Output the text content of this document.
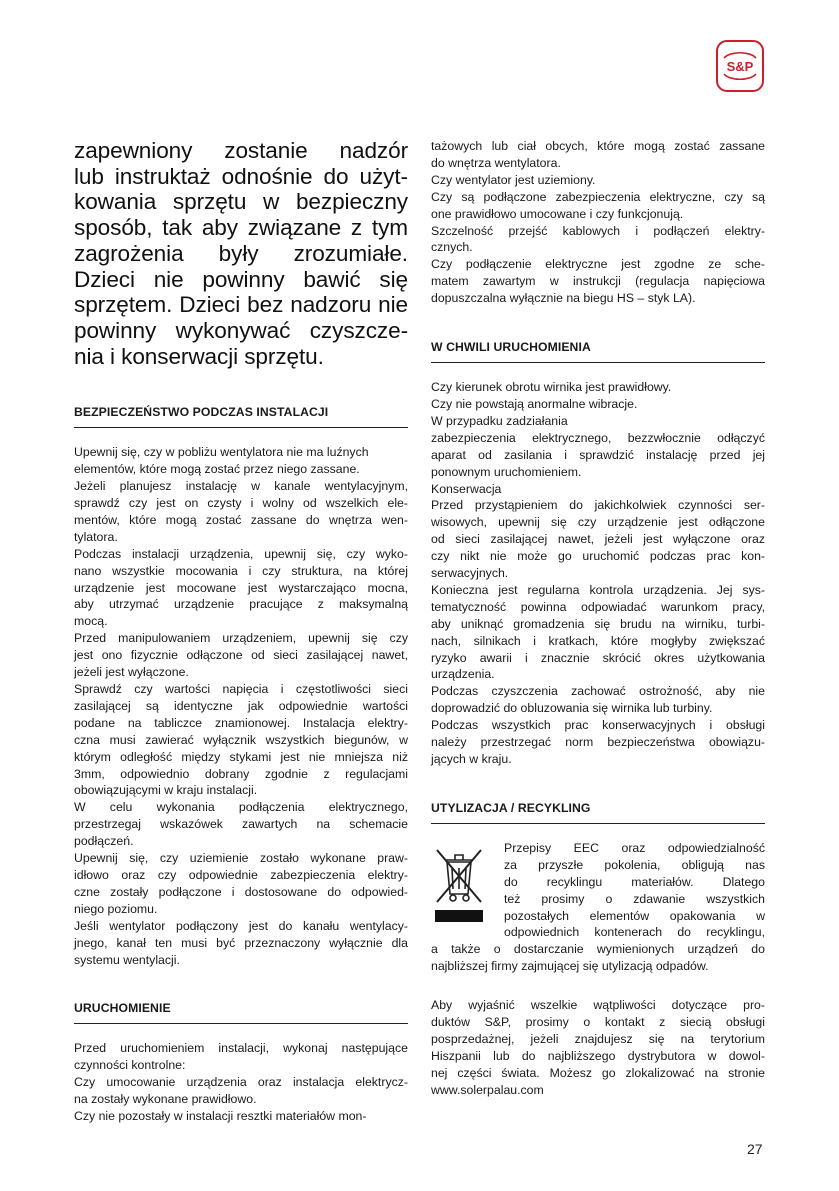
S&P
zapewniony zostanie nadzór
lub instruktaż odnośnie do użyt-
kowania sprzętu w bezpieczny
sposób, tak aby związane z tym
zagrożenia były zrozumiałe.
Dzieci nie powinny bawić się
sprzętem. Dzieci bez nadzoru nie
powinny wykonywać czyszcze-
nia i konserwacji sprzętu.
BEZPIECZEŃSTWO PODCZAS INSTALACJI
Upewnij się, czy w pobliżu wentylatora nie ma luźnych
elementów, które mogą zostać przez niego zassane.
Jeżeli planujesz instalację w kanale wentylacyjnym,
sprawdź czy jest on czysty i wolny od wszelkich ele-
mentów, które mogą zostać zassane do wnętrza wen-
tylatora.
Podczas instalacji urządzenia, upewnij się, czy wyko-
nano wszystkie mocowania i czy struktura, na której
urządzenie jest mocowane jest wystarczająco mocna,
aby utrzymać urządzenie pracujące z maksymalną
mocą.
Przed manipulowaniem urządzeniem, upewnij się czy
jest ono fizycznie odłączone od sieci zasilającej nawet,
jeżeli jest wyłączone.
Sprawdź czy wartości napięcia i częstotliwości sieci
zasilającej są identyczne jak odpowiednie wartości
podane na tabliczce znamionowej. Instalacja elektry-
czna musi zawierać wyłącznik wszystkich biegunów, w
którym odległość między stykami jest nie mniejsza niż
3mm, odpowiednio dobrany zgodnie z regulacjami
obowiązującymi w kraju instalacji.
W celu wykonania podłączenia elektrycznego,
przestrzegaj wskazówek zawartych na schemacie
podłączeń.
Upewnij się, czy uziemienie zostało wykonane praw-
idłowo oraz czy odpowiednie zabezpieczenia elektry-
czne zostały podłączone i dostosowane do odpowied-
niego poziomu.
Jeśli wentylator podłączony jest do kanału wentylacy-
jnego, kanał ten musi być przeznaczony wyłącznie dla
systemu wentylacji.
URUCHOMIENIE
Przed uruchomieniem instalacji, wykonaj następujące
czynności kontrolne:
Czy umocowanie urządzenia oraz instalacja elektrycz-
na zostały wykonane prawidłowo.
Czy nie pozostały w instalacji resztki materiałów mon-
tażowych lub ciał obcych, które mogą zostać zassane
do wnętrza wentylatora.
Czy wentylator jest uziemiony.
Czy są podłączone zabezpieczenia elektryczne, czy są
one prawidłowo umocowane i czy funkcjonują.
Szczelność przejść kablowych i podłączeń elektry-
cznych.
Czy podłączenie elektryczne jest zgodne ze sche-
matem zawartym w instrukcji (regulacja napięciowa
dopuszczalna wyłącznie na biegu HS – styk LA).
W CHWILI URUCHOMIENIA
Czy kierunek obrotu wirnika jest prawidłowy.
Czy nie powstają anormalne wibracje.
W przypadku zadziałania
zabezpieczenia elektrycznego, bezzwłocznie odłączyć
aparat od zasilania i sprawdzić instalację przed jej
ponownym uruchomieniem.
Konserwacja
Przed przystąpieniem do jakichkolwiek czynności ser-
wisowych, upewnij się czy urządzenie jest odłączone
od sieci zasilającej nawet, jeżeli jest wyłączone oraz
czy nikt nie może go uruchomić podczas prac kon-
serwacyjnych.
Konieczna jest regularna kontrola urządzenia. Jej sys-
tematyczność powinna odpowiadać warunkom pracy,
aby uniknąć gromadzenia się brudu na wirniku, turbi-
nach, silnikach i kratkach, które mogłyby zwiększać
ryzyko awarii i znacznie skrócić okres użytkowania
urządzenia.
Podczas czyszczenia zachować ostrożność, aby nie
doprowadzić do obluzowania się wirnika lub turbiny.
Podczas wszystkich prac konserwacyjnych i obsługi
należy przestrzegać norm bezpieczeństwa obowiązu-
jących w kraju.
UTYLIZACJA / RECYKLING
Przepisy EEC oraz odpowiedzialność
za przyszłe pokolenia, obligują nas
do recyklingu materiałów. Dlatego
też prosimy o zdawanie wszystkich
pozostałych elementów opakowania w
odpowiednich kontenerach do recyklingu,
a także o dostarczanie wymienionych urządzeń do
najbliższej firmy zajmującej się utylizacją odpadów.
Aby wyjaśnić wszelkie wątpliwości dotyczące pro-
duktów S&P, prosimy o kontakt z siecią obsługi
posprzedażnej, jeżeli znajdujesz się na terytorium
Hiszpanii lub do najbliższego dystrybutora w dowol-
nej części świata. Możesz go zlokalizować na stronie
www.solerpalau.com
27
